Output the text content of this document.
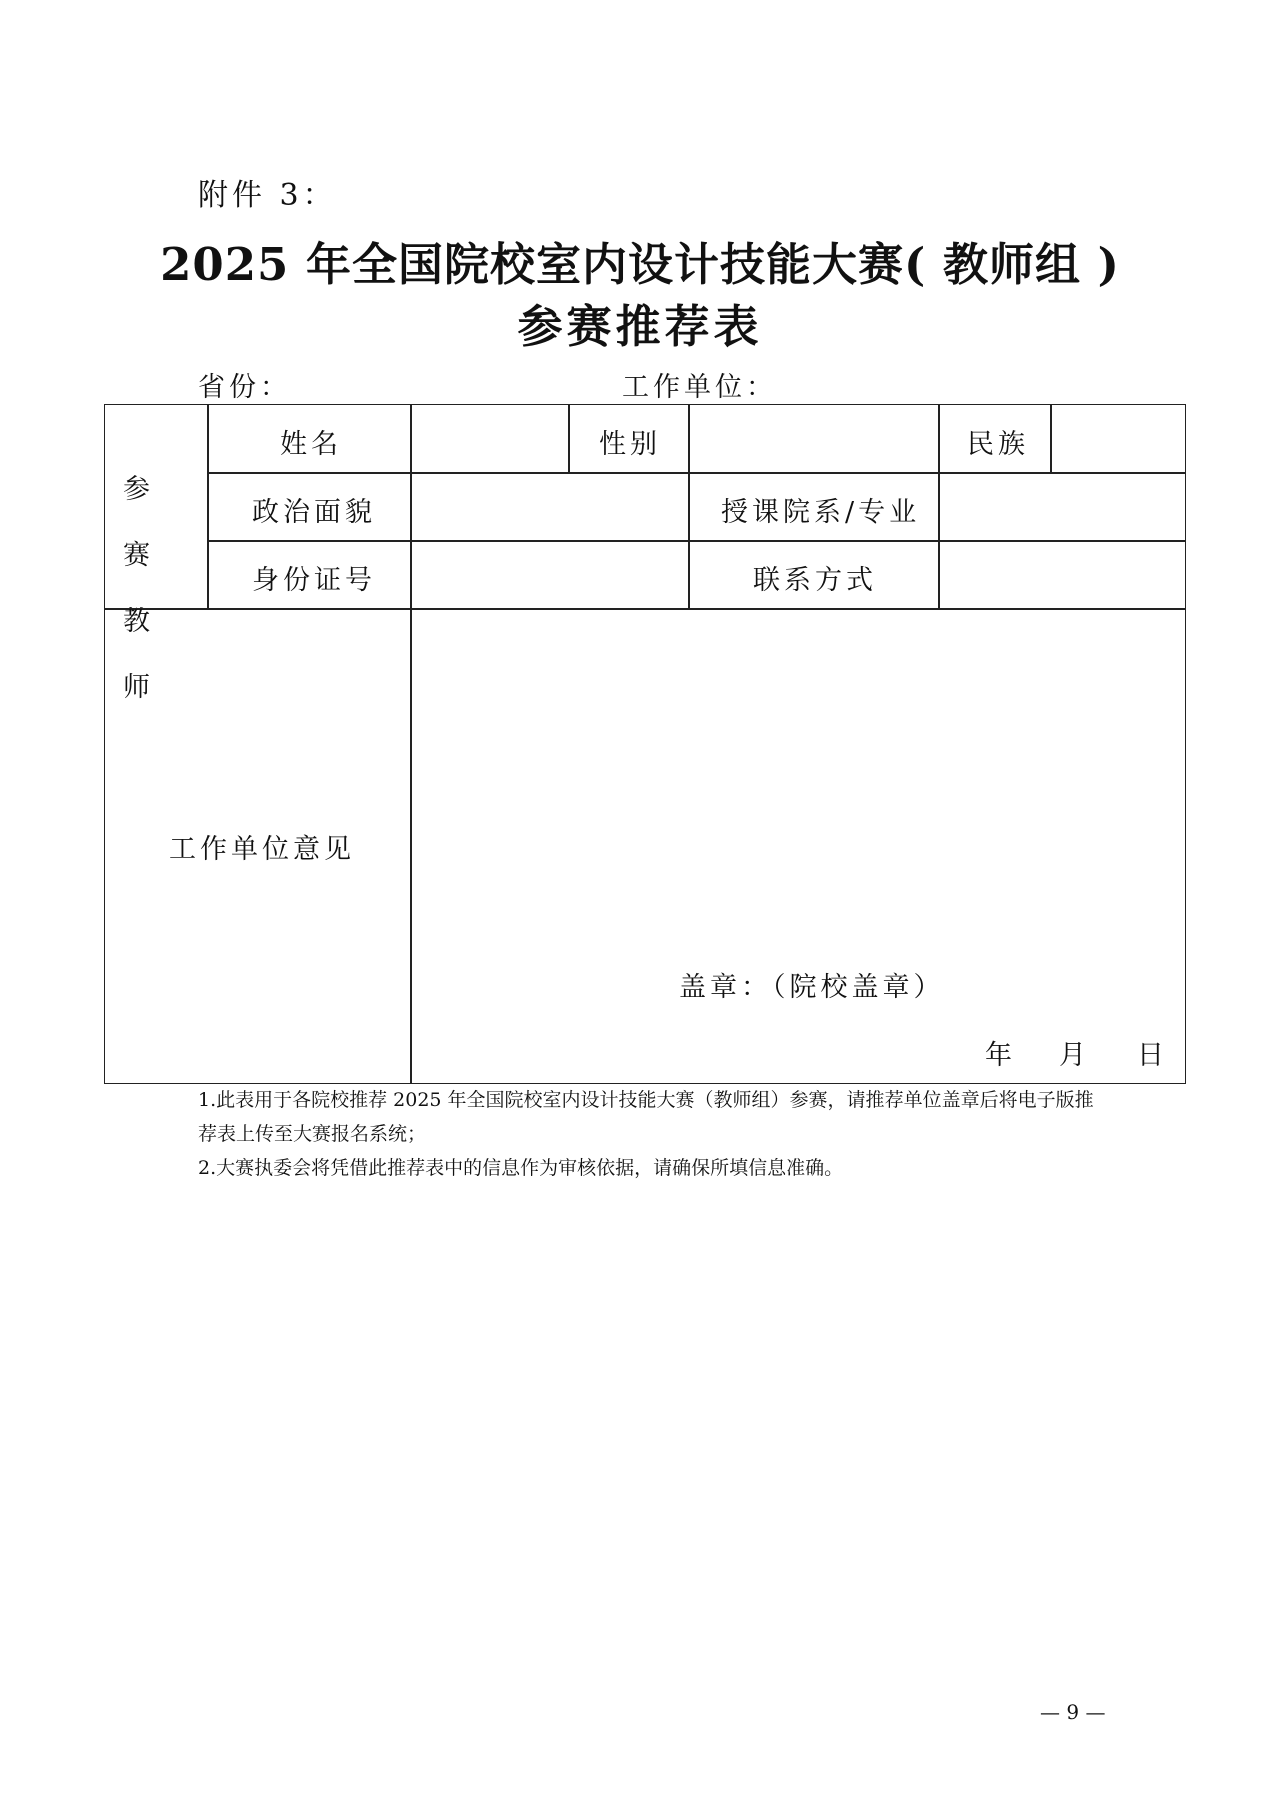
附件 3：
2025 年全国院校室内设计技能大赛( 教师组 )
参赛推荐表
省份：	工作单位：
参赛教师
姓名	性别	民族
政治面貌	授课院系/专业
身份证号	联系方式
工作单位意见
盖章：（院校盖章）
年 月 日

1.此表用于各院校推荐 2025 年全国院校室内设计技能大赛（教师组）参赛，请推荐单位盖章后将电子版推荐表上传至大赛报名系统；

2.大赛执委会将凭借此推荐表中的信息作为审核依据，请确保所填信息准确。

— 9 —
